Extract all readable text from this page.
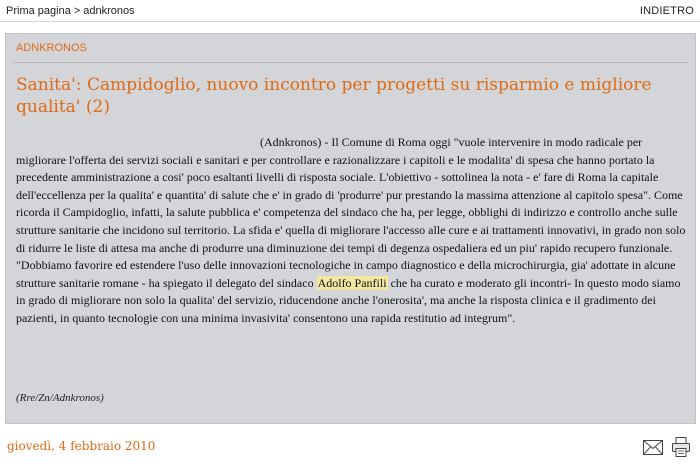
Prima pagina > adnkronos	INDIETRO
ADNKRONOS
Sanita': Campidoglio, nuovo incontro per progetti su risparmio e migliore qualita' (2)
(Adnkronos) - Il Comune di Roma oggi "vuole intervenire in modo radicale per migliorare l'offerta dei servizi sociali e sanitari e per controllare e razionalizzare i capitoli e le modalita' di spesa che hanno portato la precedente amministrazione a cosi' poco esaltanti livelli di risposta sociale. L'obiettivo - sottolinea la nota - e' fare di Roma la capitale dell'eccellenza per la qualita' e quantita' di salute che e' in grado di 'produrre' pur prestando la massima attenzione al capitolo spesa". Come ricorda il Campidoglio, infatti, la salute pubblica e' competenza del sindaco che ha, per legge, obblighi di indirizzo e controllo anche sulle strutture sanitarie che incidono sul territorio. La sfida e' quella di migliorare l'accesso alle cure e ai trattamenti innovativi, in grado non solo di ridurre le liste di attesa ma anche di produrre una diminuzione dei tempi di degenza ospedaliera ed un piu' rapido recupero funzionale. "Dobbiamo favorire ed estendere l'uso delle innovazioni tecnologiche in campo diagnostico e della microchirurgia, gia' adottate in alcune strutture sanitarie romane - ha spiegato il delegato del sindaco Adolfo Panfili che ha curato e moderato gli incontri- In questo modo siamo in grado di migliorare non solo la qualita' del servizio, riducendone anche l'onerosita', ma anche la risposta clinica e il gradimento dei pazienti, in quanto tecnologie con una minima invasivita' consentono una rapida restitutio ad integrum".
(Rre/Zn/Adnkronos)
giovedì, 4 febbraio 2010
